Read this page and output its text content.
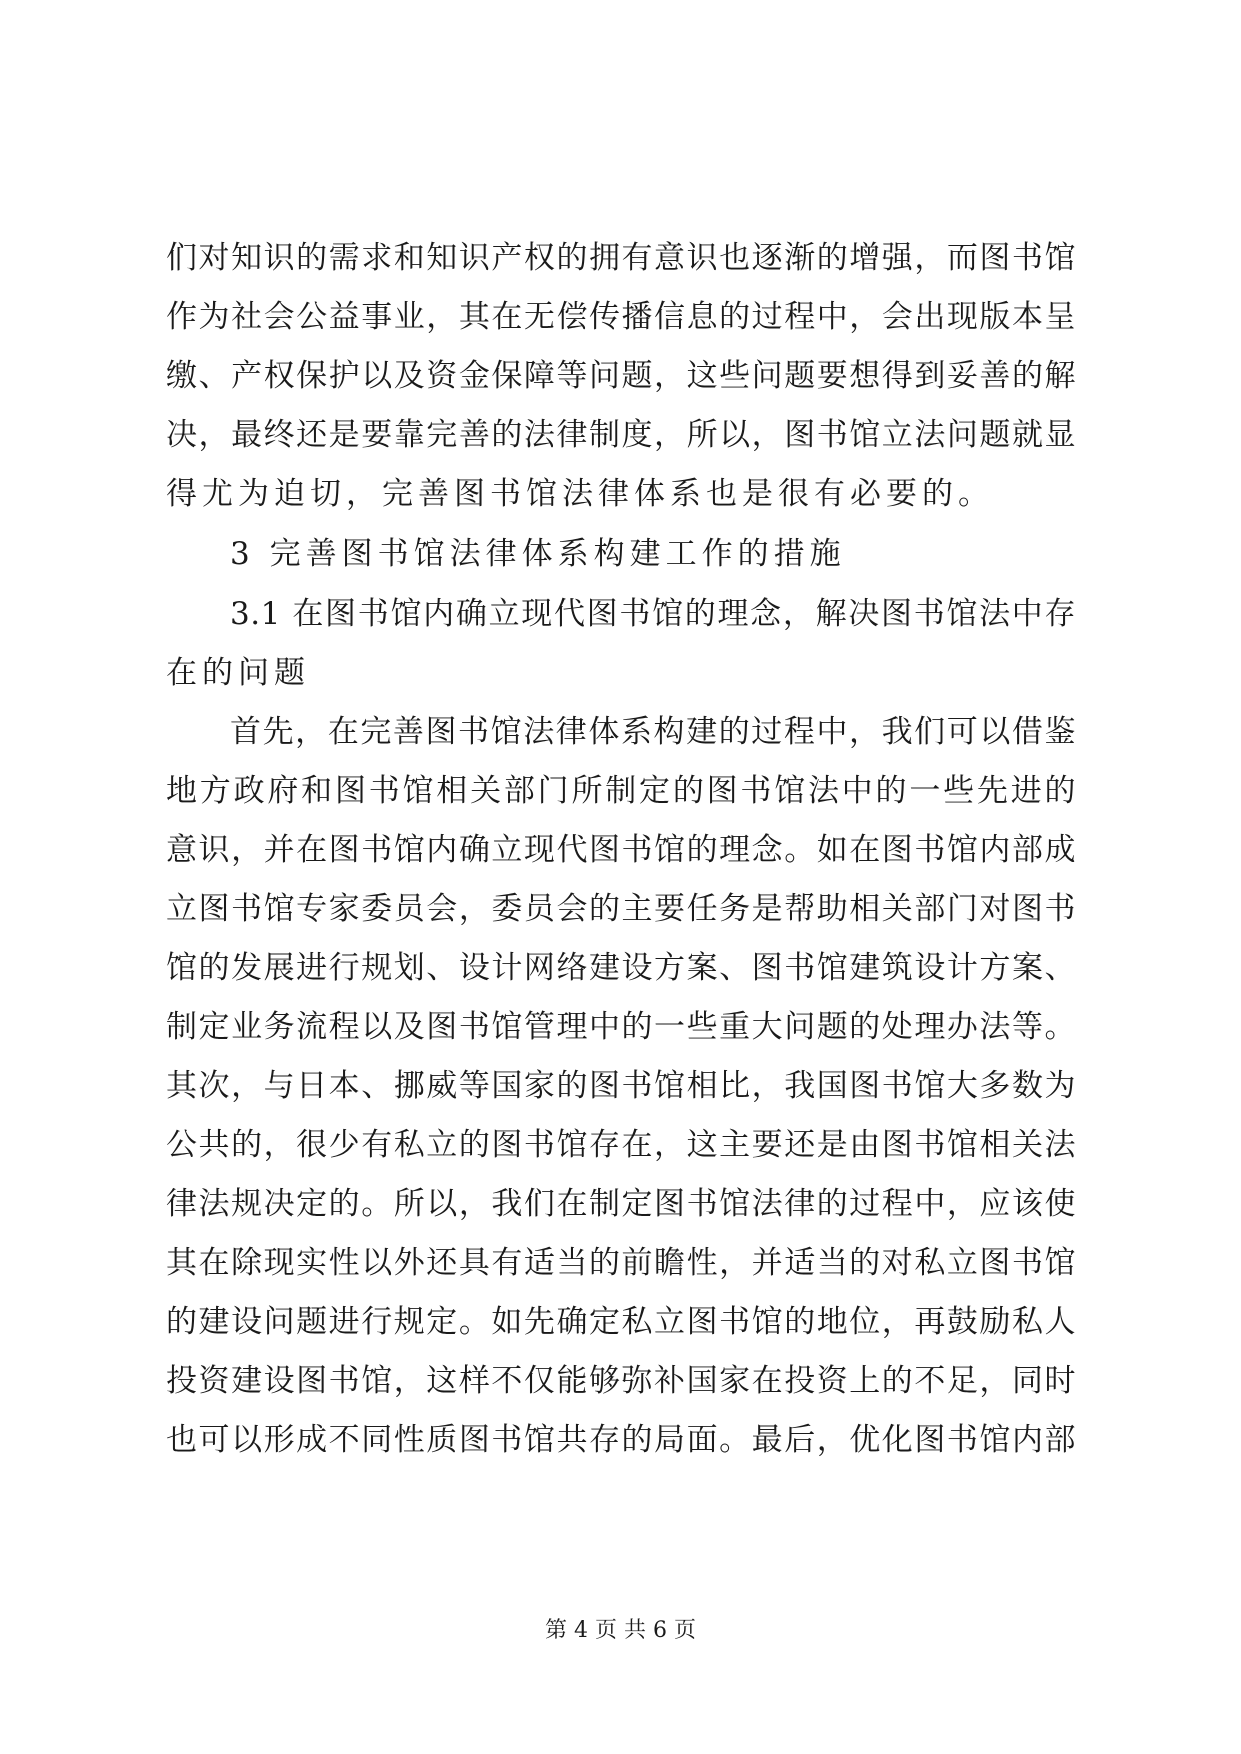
们对知识的需求和知识产权的拥有意识也逐渐的增强，而图书馆
作为社会公益事业，其在无偿传播信息的过程中，会出现版本呈
缴、产权保护以及资金保障等问题，这些问题要想得到妥善的解
决，最终还是要靠完善的法律制度，所以，图书馆立法问题就显
得尤为迫切，完善图书馆法律体系也是很有必要的。
3 完善图书馆法律体系构建工作的措施
3.1 在图书馆内确立现代图书馆的理念，解决图书馆法中存
在的问题
首先，在完善图书馆法律体系构建的过程中，我们可以借鉴
地方政府和图书馆相关部门所制定的图书馆法中的一些先进的
意识，并在图书馆内确立现代图书馆的理念。如在图书馆内部成
立图书馆专家委员会，委员会的主要任务是帮助相关部门对图书
馆的发展进行规划、设计网络建设方案、图书馆建筑设计方案、
制定业务流程以及图书馆管理中的一些重大问题的处理办法等。
其次，与日本、挪威等国家的图书馆相比，我国图书馆大多数为
公共的，很少有私立的图书馆存在，这主要还是由图书馆相关法
律法规决定的。所以，我们在制定图书馆法律的过程中，应该使
其在除现实性以外还具有适当的前瞻性，并适当的对私立图书馆
的建设问题进行规定。如先确定私立图书馆的地位，再鼓励私人
投资建设图书馆，这样不仅能够弥补国家在投资上的不足，同时
也可以形成不同性质图书馆共存的局面。最后，优化图书馆内部
第 4 页 共 6 页
